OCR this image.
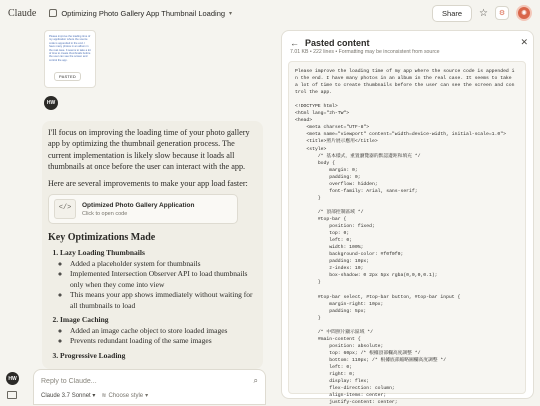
Claude	Optimizing Photo Gallery App Thumbnail Loading ▾	Share	☆	⚙	✺
HW
Please improve the loading time of my application where the source code is appended in the end. I have many photos in an album in the real case. It seems to take a lot of time to create thumbnails before the user can see the screen and control the app.
PASTED
HW

I'll focus on improving the loading time of your photo gallery app by optimizing the thumbnail generation process. The current implementation is likely slow because it loads all thumbnails at once before the user can interact with the app.

Here are several improvements to make your app load faster:

</>	Optimized Photo Gallery Application
Click to open code
Key Optimizations Made
1. Lazy Loading Thumbnails
◦ Added a placeholder system for thumbnails
◦ Implemented Intersection Observer API to load thumbnails only when they come into view
◦ This means your app shows immediately without waiting for all thumbnails to load
2. Image Caching
◦ Added an image cache object to store loaded images
◦ Prevents redundant loading of the same images
3. Progressive Loading
Reply to Claude...
⌕
Claude 3.7 Sonnet ▾ ≋ Choose style ▾
← Pasted content	✕
7.01 KB • 222 lines • Formatting may be inconsistent from source
Please improve the loading time of my app where the source code is appended i
n the end. I have many photos in an album in the real case. It seems to take
a lot of time to create thumbnails before the user can see the screen and con
trol the app.

<!DOCTYPE html>
<html lang="zh-TW">
<head>
<meta charset="UTF-8">
<meta name="viewport" content="width=device-width, initial-scale=1.0">
<title>照片展示應用</title>
<style>
/* 基本樣式，重置瀏覽器的默認邊距和填充 */
body {
margin: 0;
padding: 0;
overflow: hidden;
font-family: Arial, sans-serif;
}

/* 頂部控制區域 */
#top-bar {
position: fixed;
top: 0;
left: 0;
width: 100%;
background-color: #f0f0f0;
padding: 10px;
z-index: 10;
box-shadow: 0 2px 5px rgba(0,0,0,0.1);
}

#top-bar select, #top-bar button, #top-bar input {
margin-right: 10px;
padding: 5px;
}

/* 中間照片顯示區域 */
#main-content {
position: absolute;
top: 60px; /* 根據頂部欄高度調整 */
bottom: 110px; /* 根據底部縮略圖欄高度調整 */
left: 0;
right: 0;
display: flex;
flex-direction: column;
align-items: center;
justify-content: center;
